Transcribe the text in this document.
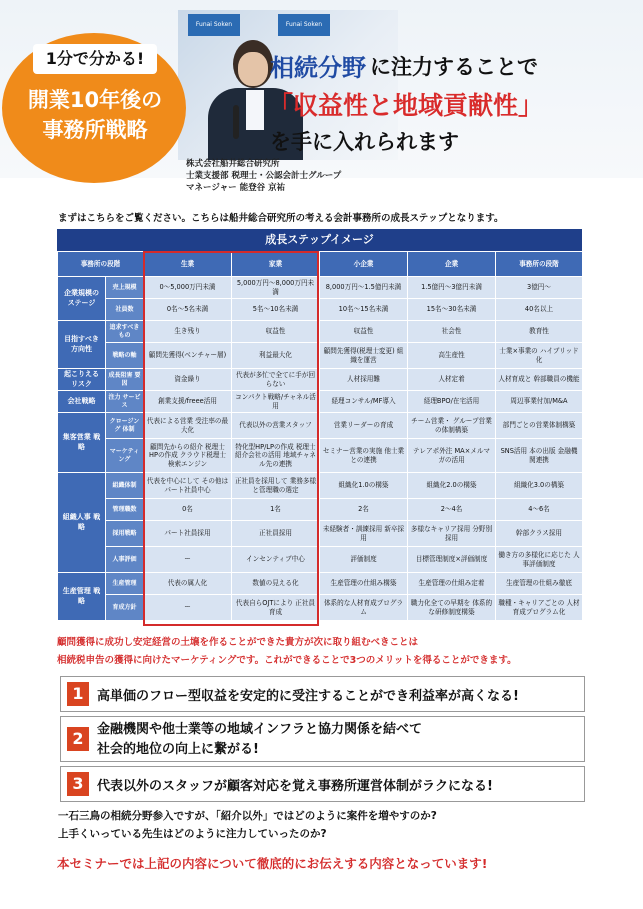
Funai Soken	Funai Soken
1分で分かる!
開業10年後の
事務所戦略
相続分野 に注力することで
「収益性と地域貢献性」
を手に入れられます
株式会社船井総合研究所
士業支援部 税理士・公認会計士グループ
マネージャー 能登谷 京祐
まずはこちらをご覧ください。こちらは船井総合研究所の考える会計事務所の成長ステップとなります。
成長ステップイメージ
事務所の段階		生業	家業	小企業	企業	事務所の段階
企業規模の ステージ	売上規模	0〜5,000万円未満	5,000万円〜8,000万円未満	8,000万円〜1.5億円未満	1.5億円〜3億円未満	3億円〜
	社員数	0名〜5名未満	5名〜10名未満	10名〜15名未満	15名〜30名未満	40名以上
目指すべき 方向性	追求すべき もの	生き残り	収益性	収益性	社会性	教育性
	戦略の軸	顧問先獲得(ベンチャー層)	利益最大化	顧問先獲得(税理士変更) 組織を運営	高生産性	士業×事業の ハイブリッド化
起こりえる リスク	成長阻害 要因	資金繰り	代表が多忙で全てに手が回らない	人材採用難	人材定着	人材育成と 幹部職員の機能
会社戦略	注力 サービス	創業支援/freee活用	コンパクト戦略/チャネル活用	経理コンサル/MF導入	経理BPO/在宅活用	周辺事業付加/M&A
集客営業 戦略	クロージング 体制	代表による営業 受注率の最大化	代表以外の営業スタッフ	営業リーダーの育成	チーム営業・ グループ営業の体制構築	部門ごとの営業体制構築
	マーケティング	顧問先からの紹介 税理士HPの作成 クラウド税理士検索エンジン	特化型HP/LPの作成 税理士紹介会社の活用 地域チャネル先の連携	セミナー営業の実施 他士業との連携	テレアポ外注 MA×メルマガの活用	SNS活用 本の出版 金融機関連携
組織人事 戦略	組織体制	代表を中心にして その他はパート社員中心	正社員を採用して 業務多様と管理職の選定	組織化1.0の構築	組織化2.0の構築	組織化3.0の構築
	管理職数	0名	1名	2名	2〜4名	4〜6名
	採用戦略	パート社員採用	正社員採用	未経験者・訓練採用 新卒採用	多様なキャリア採用 分野別採用	幹部クラス採用
	人事評価	ー	インセンティブ中心	評価制度	目標管理制度×評価制度	働き方の多様化に応じた 人事評価制度
生産管理 戦略	生産管理	代表の属人化	数値の見える化	生産管理の仕組み構築	生産管理の仕組み定着	生産管理の仕組み徹底
	育成方針	ー	代表自らOJTにより 正社員育成	体系的な人材育成プログラム	職力化全ての早期を 体系的な研修制度構築	職種・キャリアごとの 人材育成プログラム化
顧問獲得に成功し安定経営の土壌を作ることができた貴方が次に取り組むべきことは
相続税申告の獲得に向けたマーケティングです。これができることで3つのメリットを得ることができます。
1	高単価のフロー型収益を安定的に受注することができ利益率が高くなる!
2	金融機関や他士業等の地域インフラと協力関係を結べて
社会的地位の向上に繋がる!
3	代表以外のスタッフが顧客対応を覚え事務所運営体制がラクになる!
一石三鳥の相続分野参入ですが、「紹介以外」ではどのように案件を増やすのか?
上手くいっている先生はどのように注力していったのか?
本セミナーでは上記の内容について徹底的にお伝えする内容となっています!
